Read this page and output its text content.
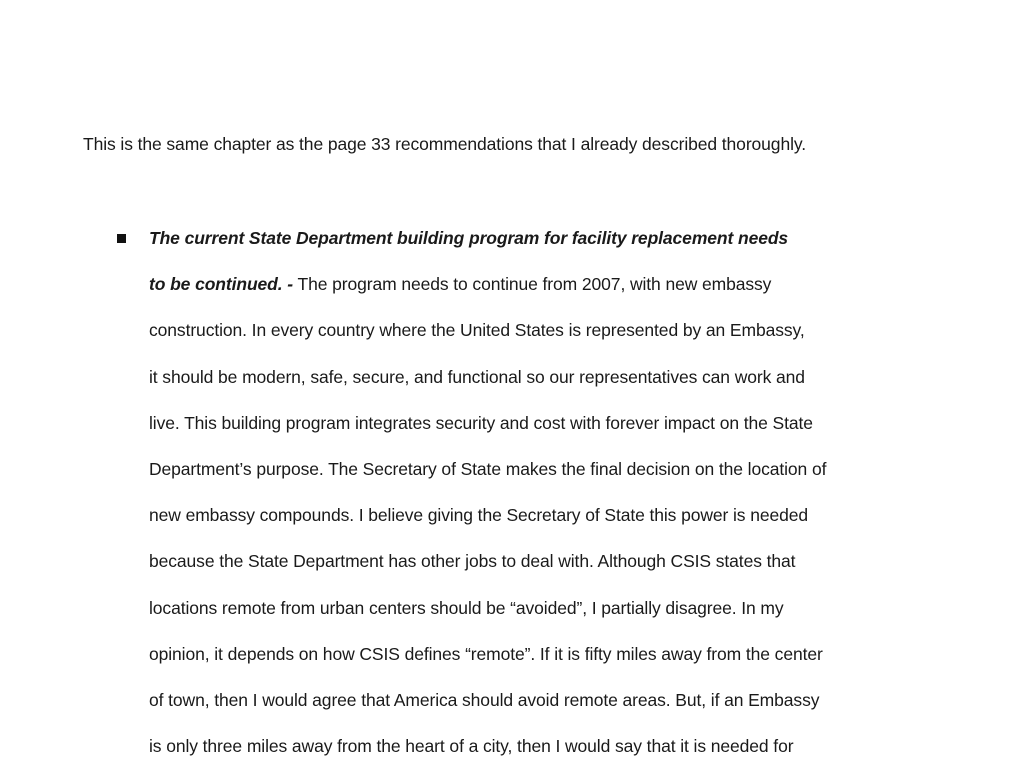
This is the same chapter as the page 33 recommendations that I already described thoroughly.
The current State Department building program for facility replacement needs
to be continued. - The program needs to continue from 2007, with new embassy
construction. In every country where the United States is represented by an Embassy,
it should be modern, safe, secure, and functional so our representatives can work and
live. This building program integrates security and cost with forever impact on the State
Department’s purpose. The Secretary of State makes the final decision on the location of
new embassy compounds. I believe giving the Secretary of State this power is needed
because the State Department has other jobs to deal with. Although CSIS states that
locations remote from urban centers should be “avoided”, I partially disagree. In my
opinion, it depends on how CSIS defines “remote”. If it is fifty miles away from the center
of town, then I would agree that America should avoid remote areas. But, if an Embassy
is only three miles away from the heart of a city, then I would say that it is needed for
